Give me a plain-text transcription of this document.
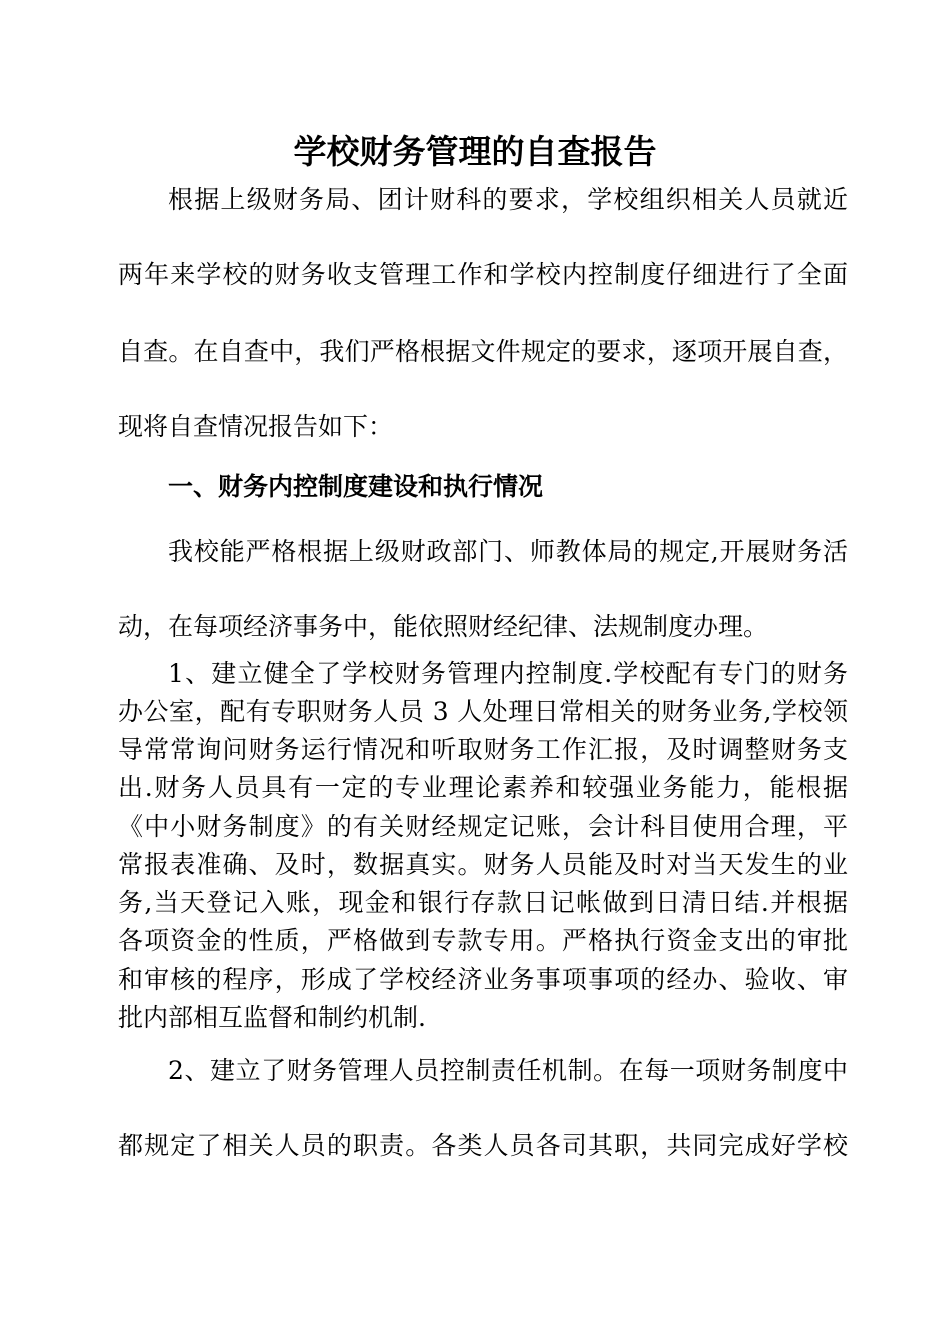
学校财务管理的自查报告
根据上级财务局、团计财科的要求，学校组织相关人员就近
两年来学校的财务收支管理工作和学校内控制度仔细进行了全面
自查。在自查中，我们严格根据文件规定的要求，逐项开展自查，
现将自查情况报告如下：
一、财务内控制度建设和执行情况
我校能严格根据上级财政部门、师教体局的规定,开展财务活
动，在每项经济事务中，能依照财经纪律、法规制度办理。
1、建立健全了学校财务管理内控制度.学校配有专门的财务
办公室，配有专职财务人员 3 人处理日常相关的财务业务,学校领
导常常询问财务运行情况和听取财务工作汇报，及时调整财务支
出.财务人员具有一定的专业理论素养和较强业务能力，能根据
《中小财务制度》的有关财经规定记账，会计科目使用合理，平
常报表准确、及时，数据真实。财务人员能及时对当天发生的业
务,当天登记入账，现金和银行存款日记帐做到日清日结.并根据
各项资金的性质，严格做到专款专用。严格执行资金支出的审批
和审核的程序，形成了学校经济业务事项事项的经办、验收、审
批内部相互监督和制约机制.
2、建立了财务管理人员控制责任机制。在每一项财务制度中
都规定了相关人员的职责。各类人员各司其职，共同完成好学校
